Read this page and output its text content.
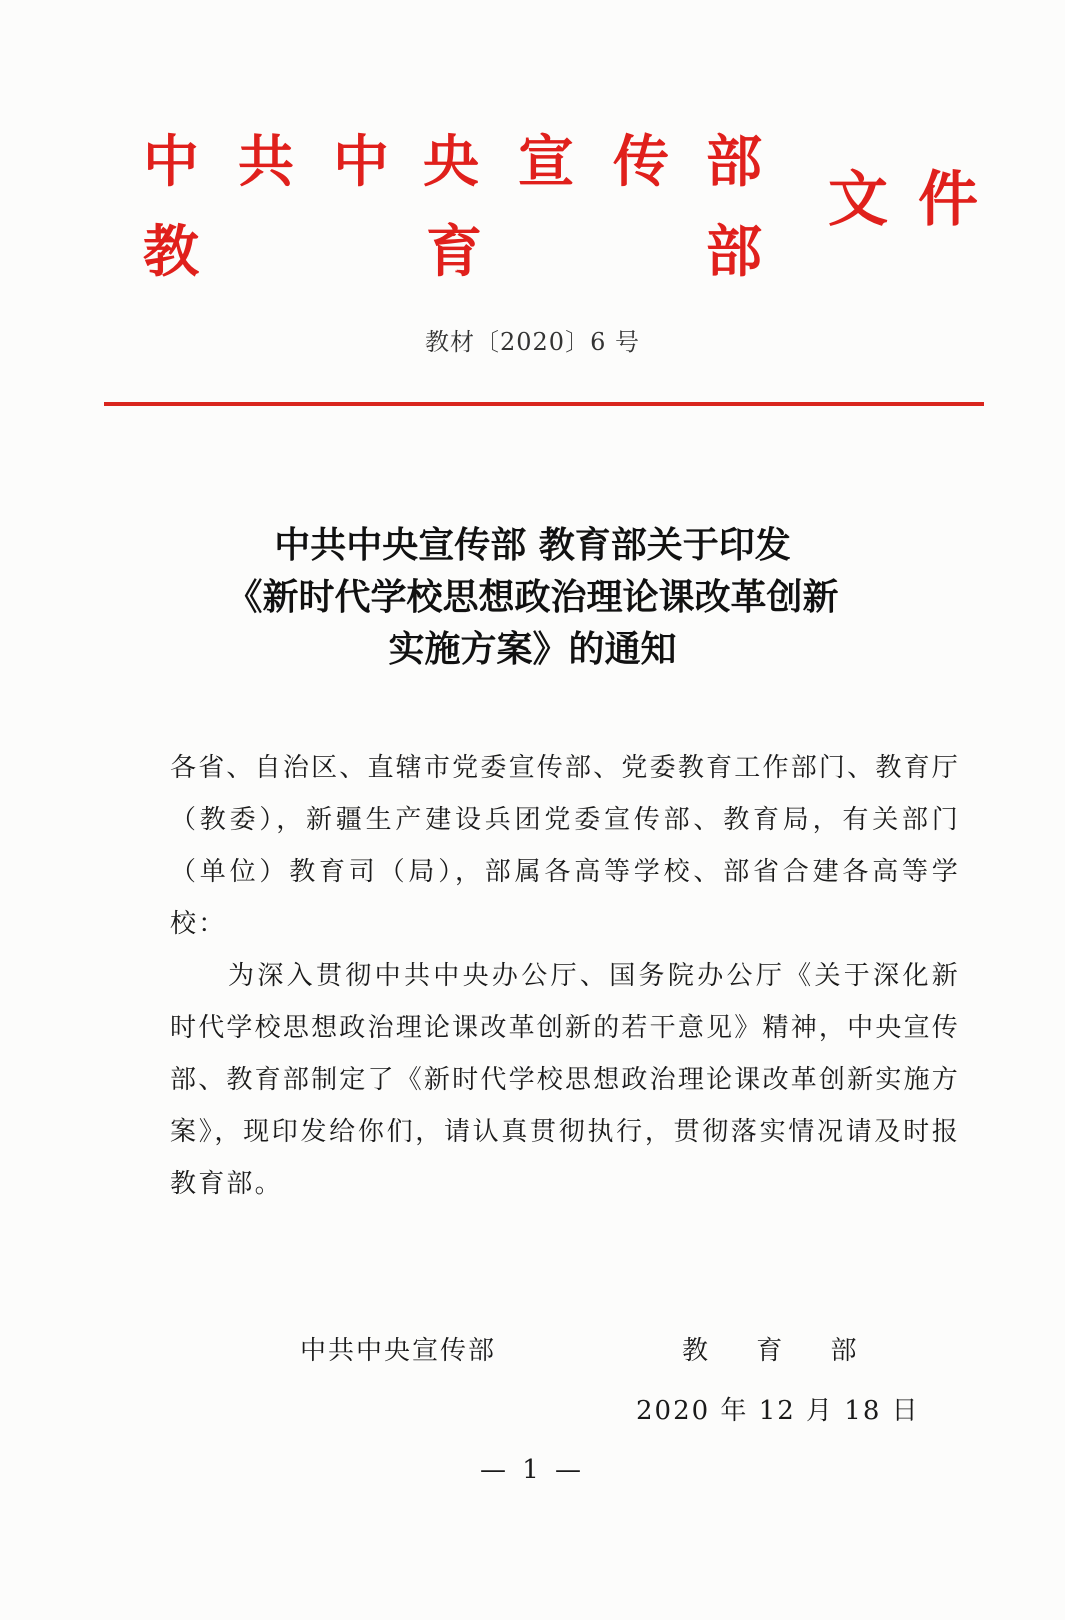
中 共 中 央 宣 传 部
教	育	部
文 件
教材〔2020〕6 号
中共中央宣传部 教育部关于印发
《新时代学校思想政治理论课改革创新
实施方案》的通知
各省、自治区、直辖市党委宣传部、党委教育工作部门、教育厅（教委），新疆生产建设兵团党委宣传部、教育局，有关部门（单位）教育司（局），部属各高等学校、部省合建各高等学校：
为深入贯彻中共中央办公厅、国务院办公厅《关于深化新时代学校思想政治理论课改革创新的若干意见》精神，中央宣传部、教育部制定了《新时代学校思想政治理论课改革创新实施方案》，现印发给你们，请认真贯彻执行，贯彻落实情况请及时报教育部。
中共中央宣传部	教 育 部
2020 年 12 月 18 日
— 1 —
